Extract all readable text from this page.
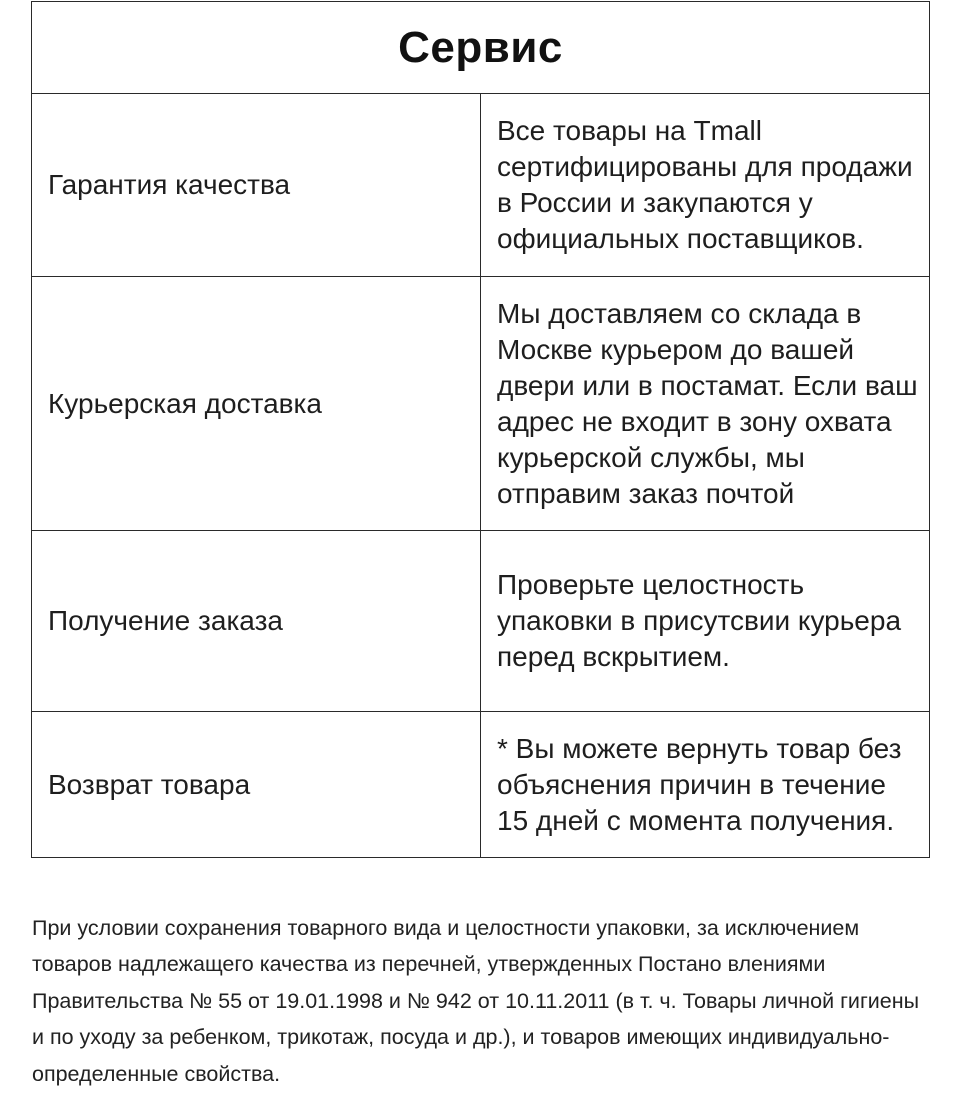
Сервис	
Гарантия качества	Все товары на Tmall сертифицированы для продажи в России и закупаются у официальных поставщиков.
Курьерская доставка	Мы доставляем со склада в Москве курьером до вашей двери или в постамат. Если ваш адрес не входит в зону охвата курьерской службы, мы отправим заказ почтой
Получение заказа	Проверьте целостность упаковки в присутсвии курьера перед вскрытием.
Возврат товара	* Вы можете вернуть товар без объяснения причин в течение 15 дней с момента получения.

При условии сохранения товарного вида и целостности упаковки, за исключением товаров надлежащего качества из перечней, утвержденных Постано влениями Правительства № 55 от 19.01.1998 и № 942 от 10.11.2011 (в т. ч. Товары личной гигиены и по уходу за ребенком, трикотаж, посуда и др.), и товаров имеющих индивидуально-определенные свойства.
